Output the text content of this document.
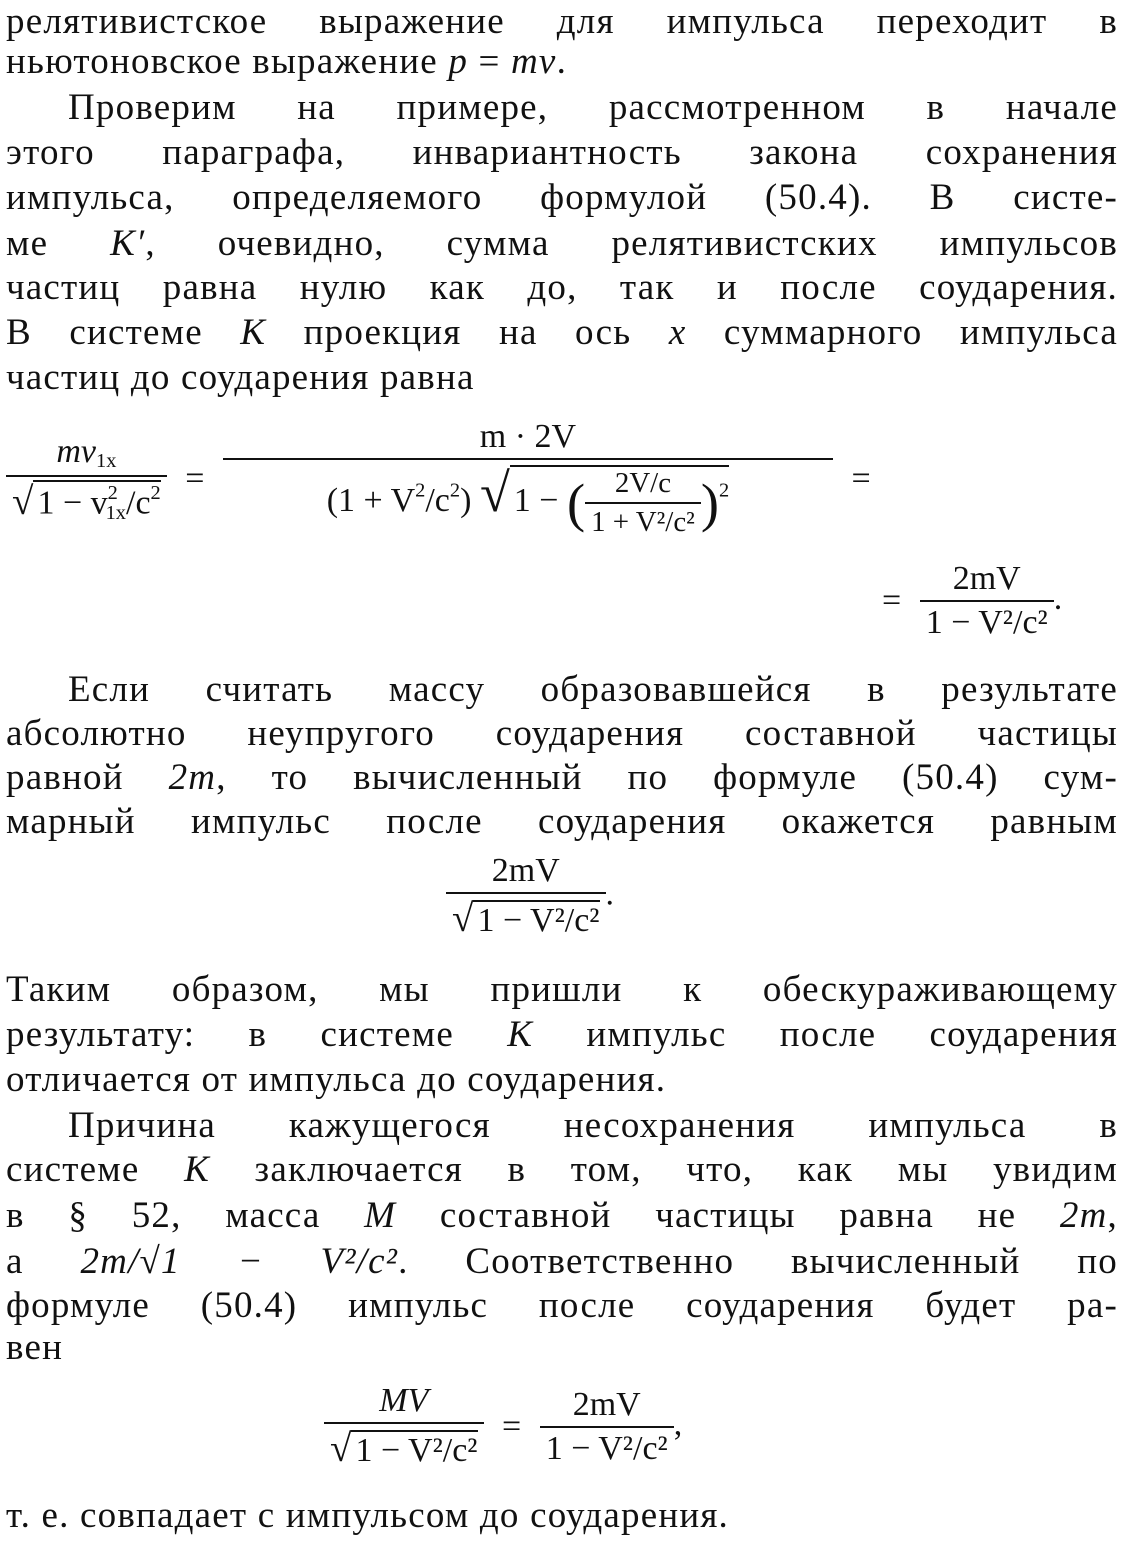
релятивистское выражение для импульса переходит в
ньютоновское выражение p = mv.
Проверим на примере, рассмотренном в начале
этого параграфа, инвариантность закона сохранения
импульса, определяемого формулой (50.4). В систе-
ме K′, очевидно, сумма релятивистских импульсов
частиц равна нулю как до, так и после соударения.
В системе K проекция на ось x суммарного импульса
частиц до соударения равна
$\frac{mv_{1x}}{√ 1 - v^2_{1x}/c^2} = \frac{m \cdot 2V}{(1 + V^2/c^2) √ 1 - ( \frac{2V/c}{\text{1 + V²/c²}} )^2}$ =
= $\frac{2mV}{\text{1 − V²/c²}}$ .
Если считать массу образовавшейся в результате
абсолютно неупругого соударения составной частицы
равной 2m, то вычисленный по формуле (50.4) сум-
марный импульс после соударения окажется равным
$\frac{2mV}{\text{√ 1 − V²/c²}}$ .
Таким образом, мы пришли к обескураживающему
результату: в системе K импульс после соударения
отличается от импульса до соударения.
Причина кажущегося несохранения импульса в
системе K заключается в том, что, как мы увидим
в § 52, масса M составной частицы равна не 2m,
а 2m/√1 − V²/c². Соответственно вычисленный по
формуле (50.4) импульс после соударения будет ра-
вен
$\frac{MV}{\text{√ 1 − V²/c²}} = \frac{2mV}{\text{1 − V²/c²}}$ ,
т. е. совпадает с импульсом до соударения.
